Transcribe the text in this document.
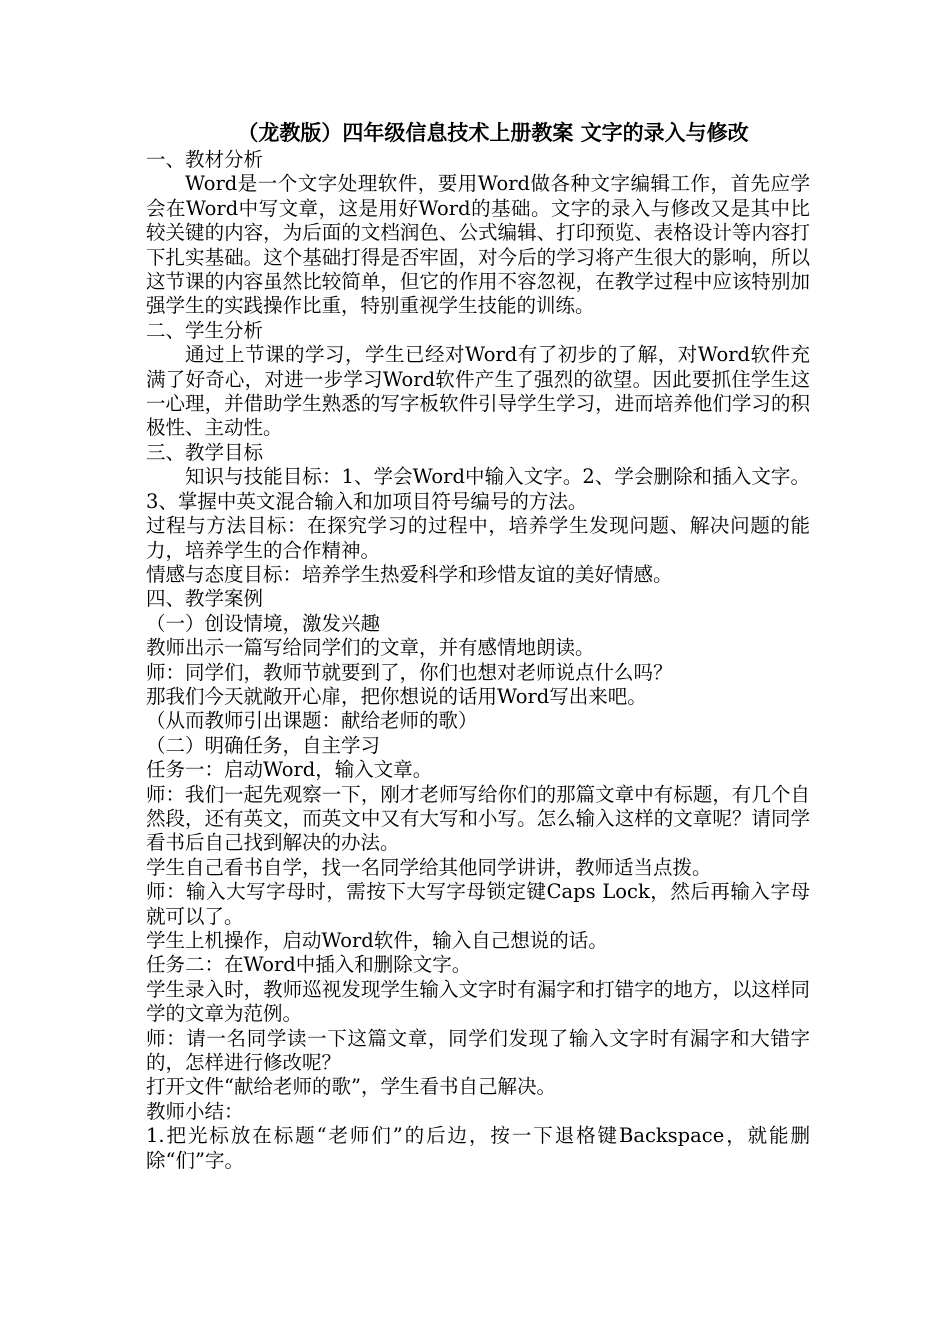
（龙教版）四年级信息技术上册教案 文字的录入与修改

一、教材分析

Word是一个文字处理软件，要用Word做各种文字编辑工作，首先应学会在Word中写文章，这是用好Word的基础。文字的录入与修改又是其中比较关键的内容，为后面的文档润色、公式编辑、打印预览、表格设计等内容打下扎实基础。这个基础打得是否牢固，对今后的学习将产生很大的影响，所以这节课的内容虽然比较简单，但它的作用不容忽视，在教学过程中应该特别加强学生的实践操作比重，特别重视学生技能的训练。

二、学生分析

通过上节课的学习，学生已经对Word有了初步的了解，对Word软件充满了好奇心，对进一步学习Word软件产生了强烈的欲望。因此要抓住学生这一心理，并借助学生熟悉的写字板软件引导学生学习，进而培养他们学习的积极性、主动性。

三、教学目标

知识与技能目标：1、学会Word中输入文字。2、学会删除和插入文字。3、掌握中英文混合输入和加项目符号编号的方法。

过程与方法目标：在探究学习的过程中，培养学生发现问题、解决问题的能力，培养学生的合作精神。

情感与态度目标：培养学生热爱科学和珍惜友谊的美好情感。

四、教学案例

（一）创设情境，激发兴趣

教师出示一篇写给同学们的文章，并有感情地朗读。

师：同学们，教师节就要到了，你们也想对老师说点什么吗？

那我们今天就敞开心扉，把你想说的话用Word写出来吧。

（从而教师引出课题：献给老师的歌）

（二）明确任务，自主学习

任务一：启动Word，输入文章。

师：我们一起先观察一下，刚才老师写给你们的那篇文章中有标题，有几个自然段，还有英文，而英文中又有大写和小写。怎么输入这样的文章呢？请同学看书后自己找到解决的办法。

学生自己看书自学，找一名同学给其他同学讲讲，教师适当点拨。

师：输入大写字母时，需按下大写字母锁定键Caps Lock，然后再输入字母就可以了。

学生上机操作，启动Word软件，输入自己想说的话。

任务二：在Word中插入和删除文字。

学生录入时，教师巡视发现学生输入文字时有漏字和打错字的地方，以这样同学的文章为范例。

师：请一名同学读一下这篇文章，同学们发现了输入文字时有漏字和大错字的，怎样进行修改呢？

打开文件“献给老师的歌”，学生看书自己解决。

教师小结：

1.把光标放在标题“老师们”的后边，按一下退格键Backspace，就能删除“们”字。
